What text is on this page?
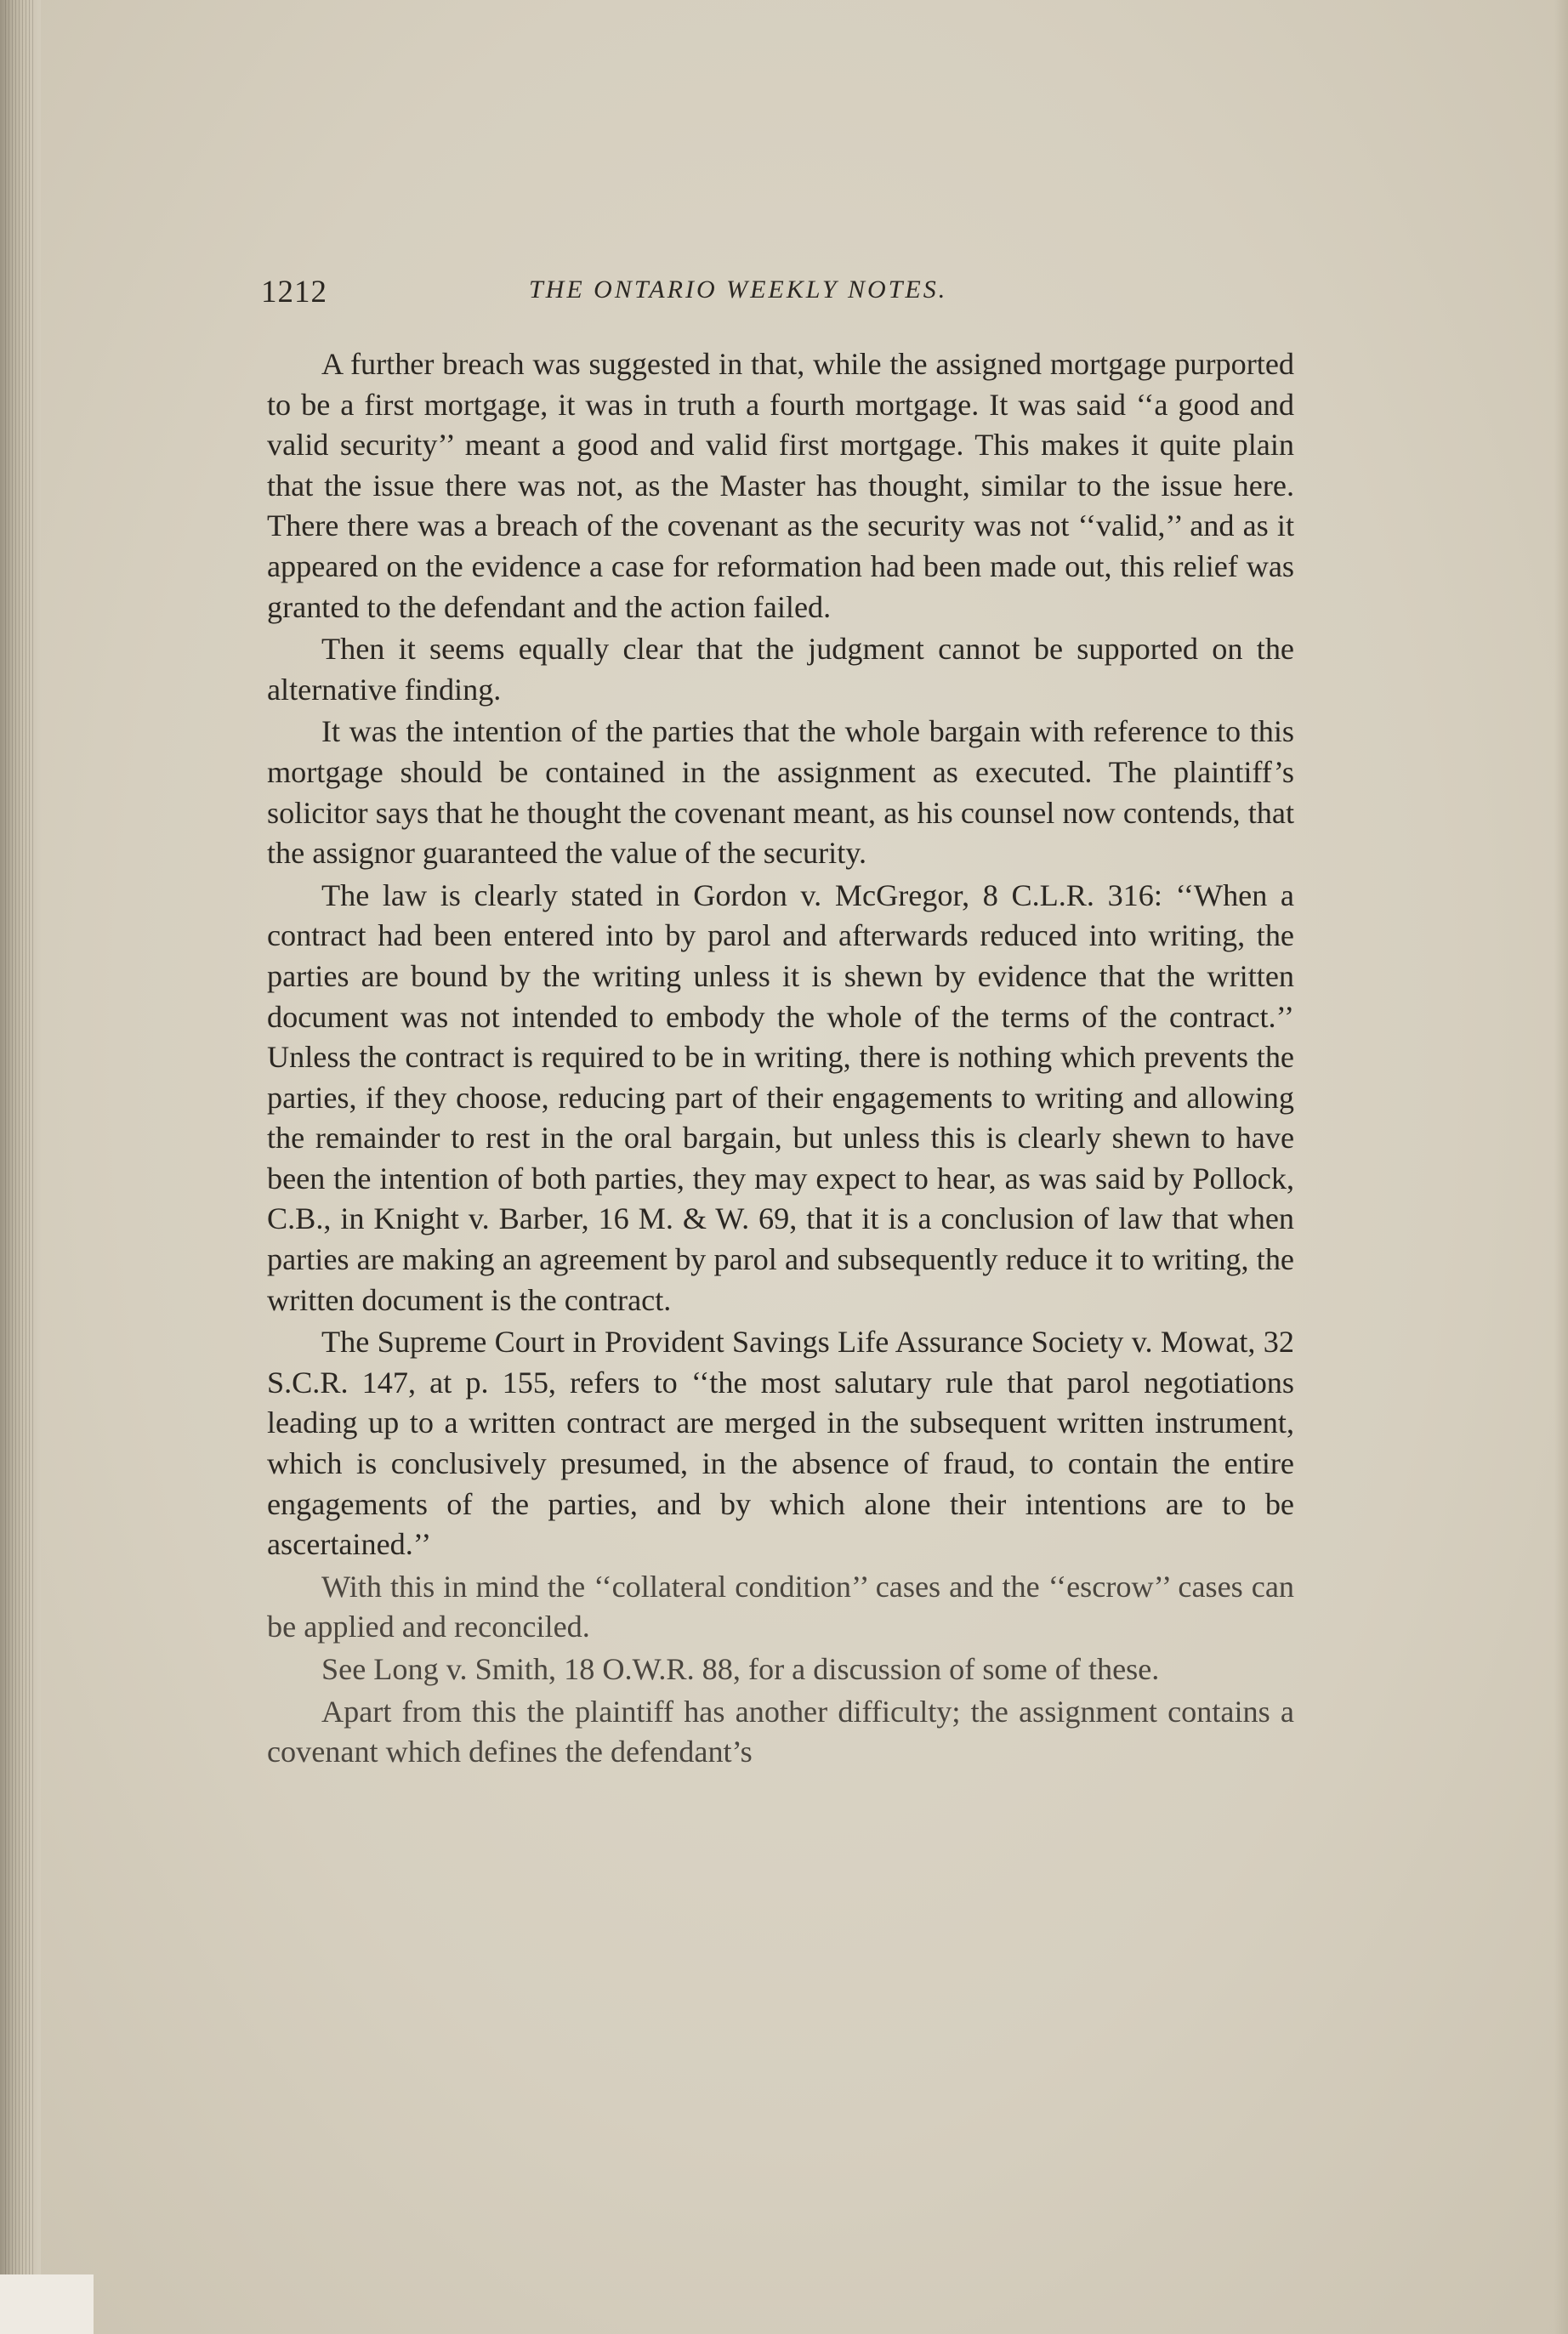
1212	THE ONTARIO WEEKLY NOTES.

A further breach was suggested in that, while the assigned mortgage purported to be a first mortgage, it was in truth a fourth mortgage. It was said ‘‘a good and valid security’’ meant a good and valid first mortgage. This makes it quite plain that the issue there was not, as the Master has thought, similar to the issue here. There there was a breach of the covenant as the security was not ‘‘valid,’’ and as it appeared on the evidence a case for reformation had been made out, this relief was granted to the defendant and the action failed.

Then it seems equally clear that the judgment cannot be supported on the alternative finding.

It was the intention of the parties that the whole bargain with reference to this mortgage should be contained in the assignment as executed. The plaintiff’s solicitor says that he thought the covenant meant, as his counsel now contends, that the assignor guaranteed the value of the security.

The law is clearly stated in Gordon v. McGregor, 8 C.L.R. 316: ‘‘When a contract had been entered into by parol and afterwards reduced into writing, the parties are bound by the writing unless it is shewn by evidence that the written document was not intended to embody the whole of the terms of the contract.’’ Unless the contract is required to be in writing, there is nothing which prevents the parties, if they choose, reducing part of their engagements to writing and allowing the remainder to rest in the oral bargain, but unless this is clearly shewn to have been the intention of both parties, they may expect to hear, as was said by Pollock, C.B., in Knight v. Barber, 16 M. & W. 69, that it is a conclusion of law that when parties are making an agreement by parol and subsequently reduce it to writing, the written document is the contract.

The Supreme Court in Provident Savings Life Assurance Society v. Mowat, 32 S.C.R. 147, at p. 155, refers to ‘‘the most salutary rule that parol negotiations leading up to a written contract are merged in the subsequent written instrument, which is conclusively presumed, in the absence of fraud, to contain the entire engagements of the parties, and by which alone their intentions are to be ascertained.’’

With this in mind the ‘‘collateral condition’’ cases and the ‘‘escrow’’ cases can be applied and reconciled.

See Long v. Smith, 18 O.W.R. 88, for a discussion of some of these.

Apart from this the plaintiff has another difficulty; the assignment contains a covenant which defines the defendant’s
